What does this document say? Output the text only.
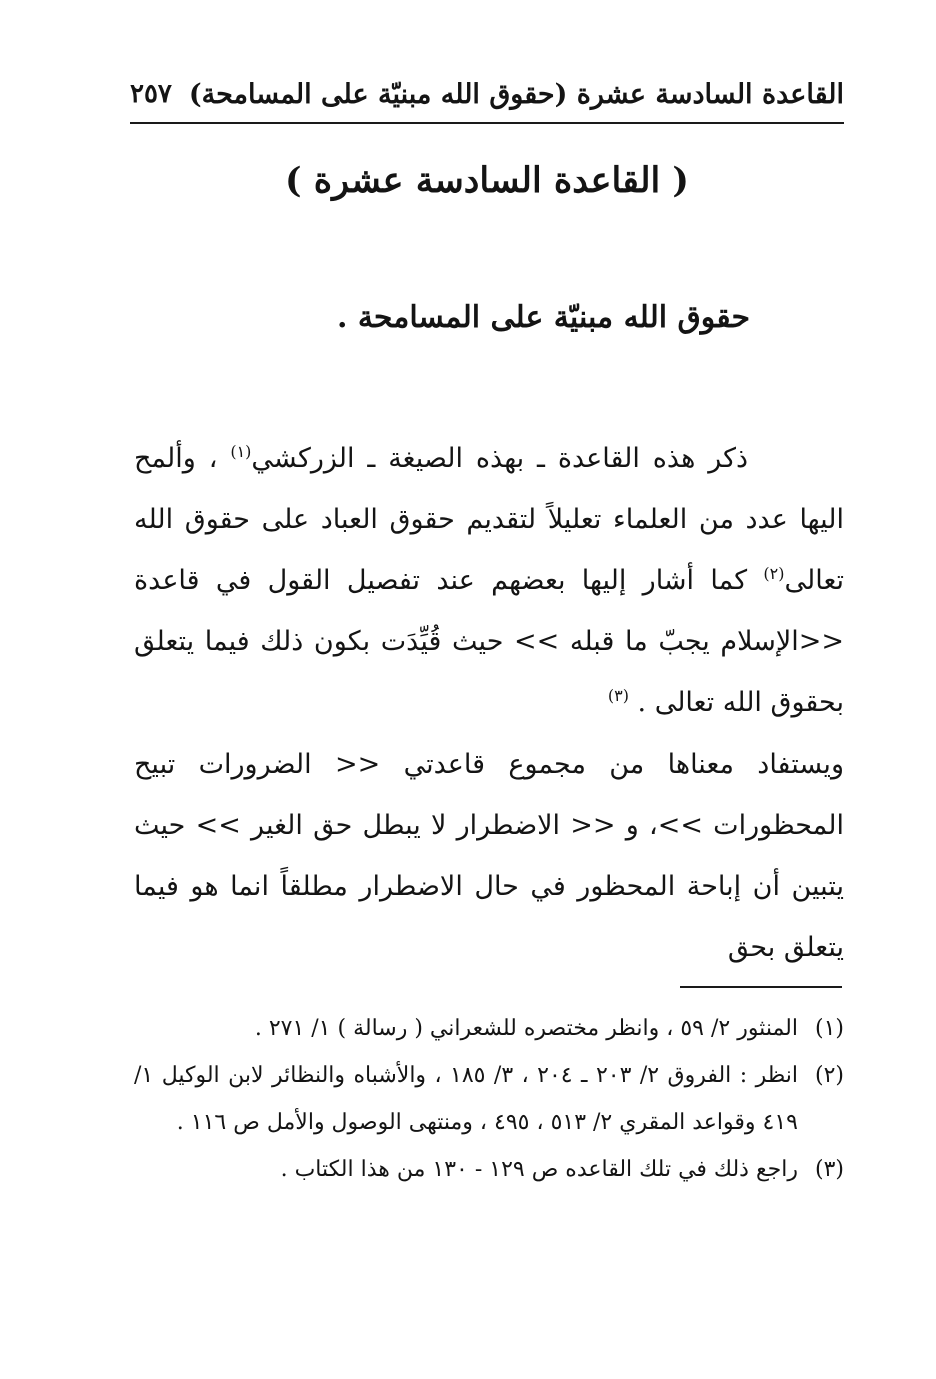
القاعدة السادسة عشرة (حقوق الله مبنيّة على المسامحة)
٢٥٧
( القاعدة السادسة عشرة )
حقوق الله مبنيّة على المسامحة .

ذكر هذه القاعدة ـ بهذه الصيغة ـ الزركشي$^{(١)}$ ، وألمح اليها عدد من العلماء تعليلاً لتقديم حقوق العباد على حقوق الله تعالى$^{(٢)}$ كما أشار إليها بعضهم عند تفصيل القول في قاعدة <<الإسلام يجبّ ما قبله >> حيث قُيِّدَت بكون ذلك فيما يتعلق بحقوق الله تعالى . $^{(٣)}$

ويستفاد معناها من مجموع قاعدتي << الضرورات تبيح المحظورات >>، و << الاضطرار لا يبطل حق الغير >> حيث يتبين أن إباحة المحظور في حال الاضطرار مطلقاً انما هو فيما يتعلق بحق

(١)
المنثور ٢/ ٥٩ ، وانظر مختصره للشعراني ( رسالة ) ١/ ٢٧١ .
(٢)
انظر : الفروق ٢/ ٢٠٣ ـ ٢٠٤ ، ٣/ ١٨٥ ، والأشباه والنظائر لابن الوكيل ١/ ٤١٩ وقواعد المقري ٢/ ٥١٣ ، ٤٩٥ ، ومنتهى الوصول والأمل ص ١١٦ .
(٣)
راجع ذلك في تلك القاعده ص ١٢٩ - ١٣٠ من هذا الكتاب .
